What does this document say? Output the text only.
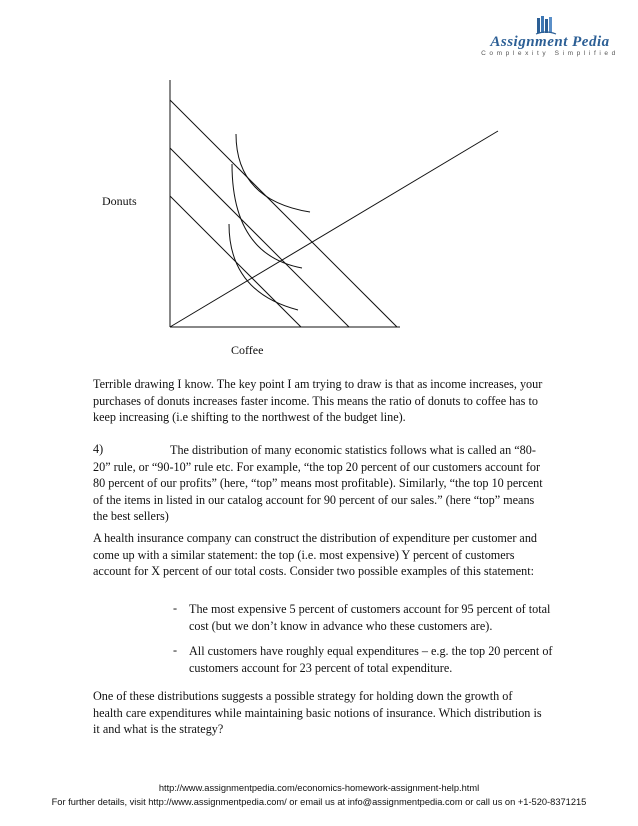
Assignment Pedia
Complexity Simplified
Donuts
Coffee

Terrible drawing I know. The key point I am trying to draw is that as income increases, your purchases of donuts increases faster income. This means the ratio of donuts to coffee has to keep increasing (i.e shifting to the northwest of the budget line).

4)	The distribution of many economic statistics follows what is called an “80-20” rule, or “90-10” rule etc. For example, “the top 20 percent of our customers account for 80 percent of our profits” (here, “top” means most profitable). Similarly, “the top 10 percent of the items in listed in our catalog account for 90 percent of our sales.” (here “top” means the best sellers)

A health insurance company can construct the distribution of expenditure per customer and come up with a similar statement: the top (i.e. most expensive) Y percent of customers account for X percent of our total costs. Consider two possible examples of this statement:

- The most expensive 5 percent of customers account for 95 percent of total cost (but we don’t know in advance who these customers are).
- All customers have roughly equal expenditures – e.g. the top 20 percent of customers account for 23 percent of total expenditure.

One of these distributions suggests a possible strategy for holding down the growth of health care expenditures while maintaining basic notions of insurance. Which distribution is it and what is the strategy?

http://www.assignmentpedia.com/economics-homework-assignment-help.html
For further details, visit http://www.assignmentpedia.com/ or email us at info@assignmentpedia.com or call us on +1-520-8371215
